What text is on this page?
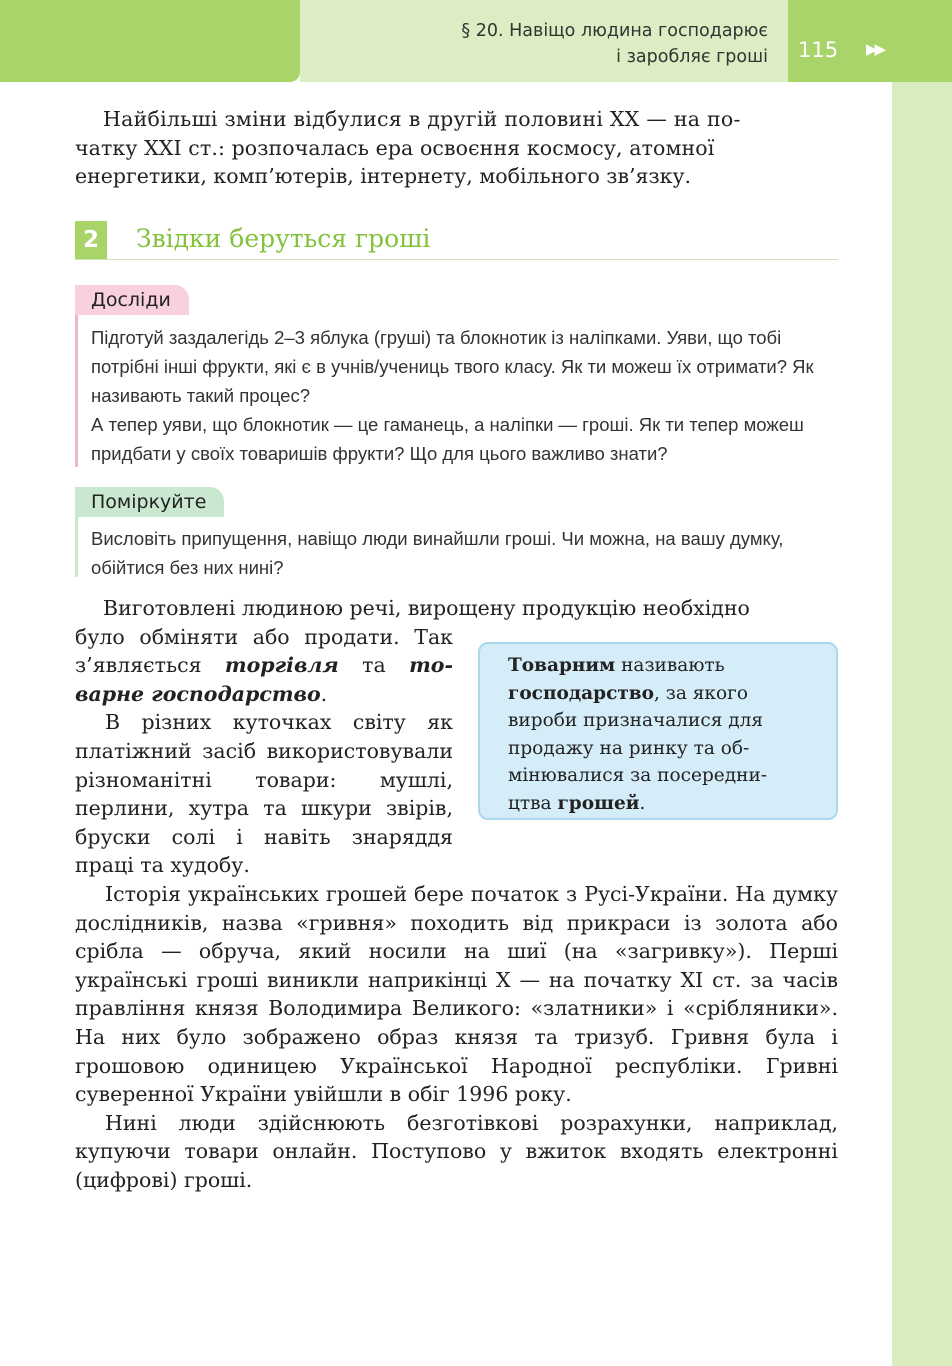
§ 20. Навіщо людина господарює
і заробляє гроші 115 ▶▶
Найбільші зміни відбулися в другій половині ХХ — на по-
чатку XXI ст.: розпочалась ера освоєння космосу, атомної
енергетики, комп’ютерів, інтернету, мобільного зв’язку.
2	Звідки беруться гроші
Досліди

Підготуй заздалегідь 2–3 яблука (груші) та блокнотик із наліпками. Уяви, що тобі потрібні інші фрукти, які є в учнів/учениць твого класу. Як ти можеш їх отримати? Як називають такий процес?

А тепер уяви, що блокнотик — це гаманець, а наліпки — гроші. Як ти тепер можеш придбати у своїх товаришів фрукти? Що для цього важливо знати?

Поміркуйте

Висловіть припущення, навіщо люди винайшли гроші. Чи можна, на вашу думку, обійтися без них нині?

Виготовлені людиною речі, вирощену продукцію необхідно
було обміняти або продати. Так з’являється торгівля та товарне господарство.

В різних куточках світу як платіжний засіб використовували різноманітні товари: мушлі, перлини, хутра та шкури звірів, бруски солі і навіть знаряддя праці та худобу.

Товарним називають
господарство, за якого
вироби призначалися для
продажу на ринку та об-
мінювалися за посередни-
цтва грошей.

Історія українських грошей бере початок з Русі-України. На думку дослідників, назва «гривня» походить від прикраси із золота або срібла — обруча, який носили на шиї (на «загривку»). Перші українські гроші виникли наприкінці Х — на початку XI ст. за часів правління князя Володимира Великого: «златники» і «срібляники». На них було зображено образ князя та тризуб. Гривня була і грошовою одиницею Української Народної республіки. Гривні суверенної України увійшли в обіг 1996 року.

Нині люди здійснюють безготівкові розрахунки, наприклад, купуючи товари онлайн. Поступово у вжиток входять електронні (цифрові) гроші.
